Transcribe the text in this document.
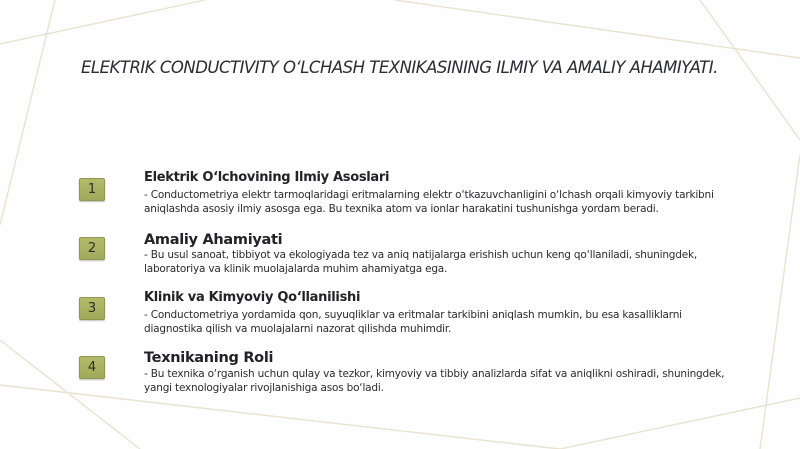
ELEKTRIK CONDUCTIVITY O‘LCHASH TEXNIKASINING ILMIY VA AMALIY AHAMIYATI.
1
Elektrik O‘lchovining Ilmiy Asoslari

- Conductometriya elektr tarmoqlaridagi eritmalarning elektr o‘tkazuvchanligini o‘lchash orqali kimyoviy tarkibni aniqlashda asosiy ilmiy asosga ega. Bu texnika atom va ionlar harakatini tushunishga yordam beradi.

2
Amaliy Ahamiyati

- Bu usul sanoat, tibbiyot va ekologiyada tez va aniq natijalarga erishish uchun keng qo‘llaniladi, shuningdek, laboratoriya va klinik muolajalarda muhim ahamiyatga ega.

3
Klinik va Kimyoviy Qo‘llanilishi

- Conductometriya yordamida qon, suyuqliklar va eritmalar tarkibini aniqlash mumkin, bu esa kasalliklarni diagnostika qilish va muolajalarni nazorat qilishda muhimdir.

4
Texnikaning Roli

- Bu texnika o‘rganish uchun qulay va tezkor, kimyoviy va tibbiy analizlarda sifat va aniqlikni oshiradi, shuningdek, yangi texnologiyalar rivojlanishiga asos bo‘ladi.
